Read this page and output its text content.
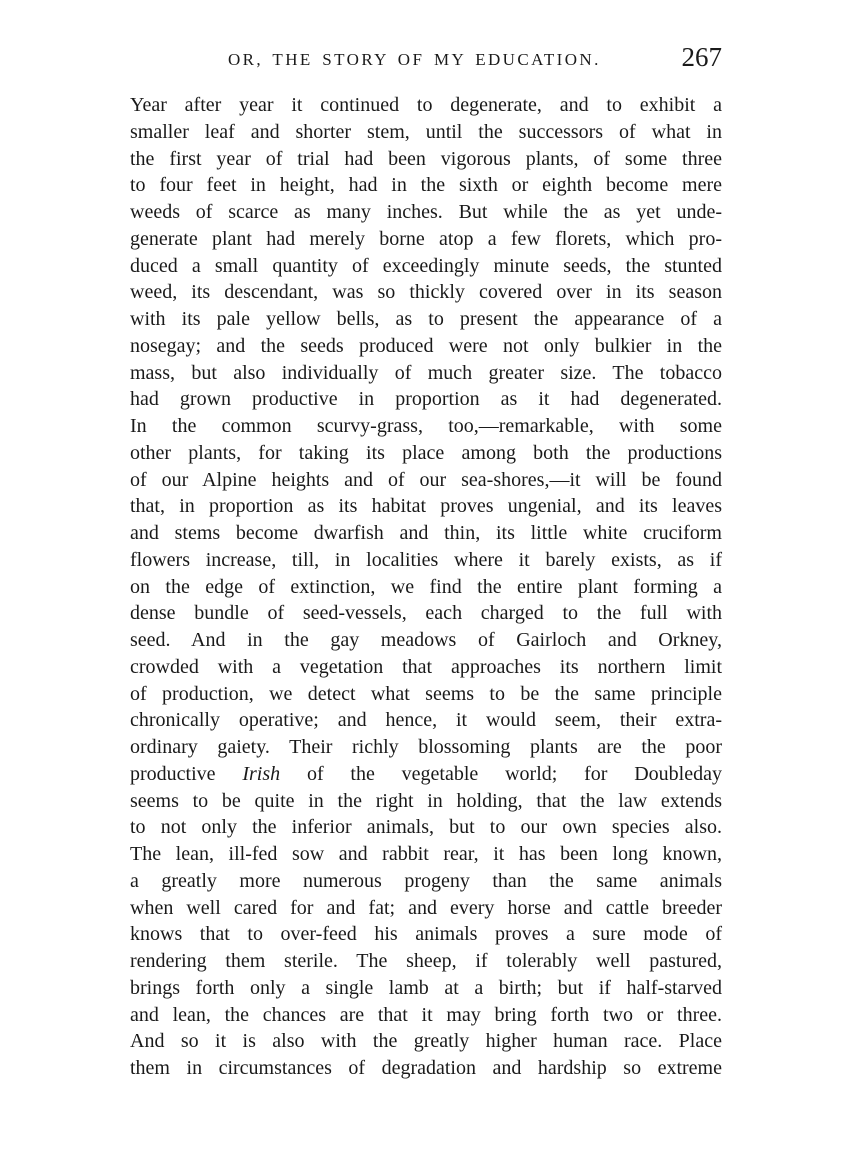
OR, THE STORY OF MY EDUCATION.	267
Year after year it continued to degenerate, and to exhibit a
smaller leaf and shorter stem, until the successors of what in
the first year of trial had been vigorous plants, of some three
to four feet in height, had in the sixth or eighth become mere
weeds of scarce as many inches. But while the as yet unde-
generate plant had merely borne atop a few florets, which pro-
duced a small quantity of exceedingly minute seeds, the stunted
weed, its descendant, was so thickly covered over in its season
with its pale yellow bells, as to present the appearance of a
nosegay; and the seeds produced were not only bulkier in the
mass, but also individually of much greater size. The tobacco
had grown productive in proportion as it had degenerated.
In the common scurvy-grass, too,—remarkable, with some
other plants, for taking its place among both the productions
of our Alpine heights and of our sea-shores,—it will be found
that, in proportion as its habitat proves ungenial, and its leaves
and stems become dwarfish and thin, its little white cruciform
flowers increase, till, in localities where it barely exists, as if
on the edge of extinction, we find the entire plant forming a
dense bundle of seed-vessels, each charged to the full with
seed. And in the gay meadows of Gairloch and Orkney,
crowded with a vegetation that approaches its northern limit
of production, we detect what seems to be the same principle
chronically operative; and hence, it would seem, their extra-
ordinary gaiety. Their richly blossoming plants are the poor
productive Irish of the vegetable world; for Doubleday
seems to be quite in the right in holding, that the law extends
to not only the inferior animals, but to our own species also.
The lean, ill-fed sow and rabbit rear, it has been long known,
a greatly more numerous progeny than the same animals
when well cared for and fat; and every horse and cattle breeder
knows that to over-feed his animals proves a sure mode of
rendering them sterile. The sheep, if tolerably well pastured,
brings forth only a single lamb at a birth; but if half-starved
and lean, the chances are that it may bring forth two or three.
And so it is also with the greatly higher human race. Place
them in circumstances of degradation and hardship so extreme
